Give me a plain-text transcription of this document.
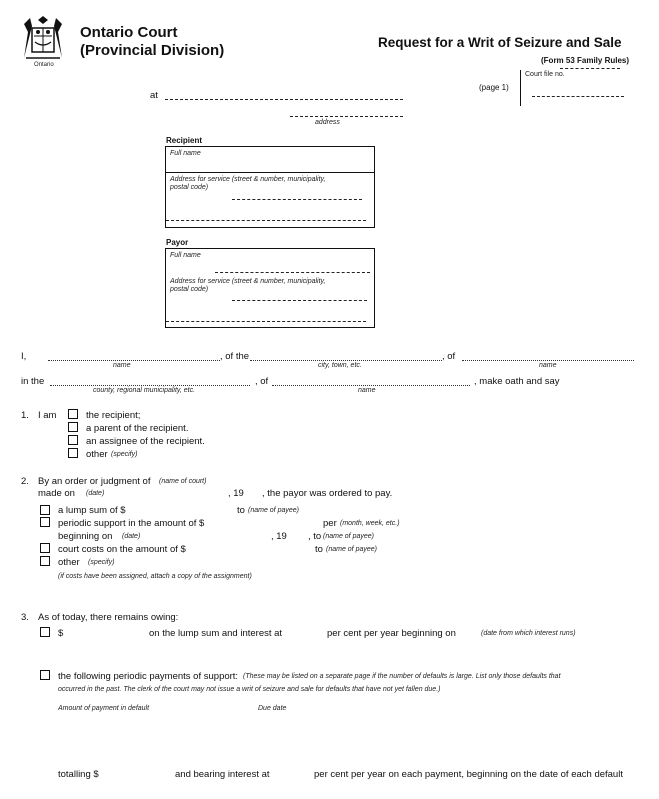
Ontario
Ontario Court
(Provincial Division)	Request for a Writ of Seizure and Sale
(Form 53 Family Rules)
Court file no.
(page 1)
at
address
Recipient
Full name
Address for service (street & number, municipality,
postal code)
Payor
Full name
Address for service (street & number, municipality,
postal code)
I,	, of the	, of
name	city, town, etc.	name
in the	, of	, make oath and say
county, regional municipality, etc.	name
1. I am	the recipient;
a parent of the recipient.
an assignee of the recipient.
other (specify)
2. By an order or judgment of (name of court)
made on (date)	, 19 , the payor was ordered to pay.
a lump sum of $	to (name of payee)
periodic support in the amount of $	per (month, week, etc.)
beginning on (date)	, 19 , to (name of payee)
court costs on the amount of $	to (name of payee)
other (specify)
(if costs have been assigned, attach a copy of the assignment)
3. As of today, there remains owing:
$	on the lump sum and interest at	per cent per year beginning on	(date from which interest runs)
the following periodic payments of support: (These may be listed on a separate page if the number of defaults is large. List only those defaults that
occurred in the past. The clerk of the court may not issue a writ of seizure and sale for defaults that have not yet fallen due.)
Amount of payment in default	Due date
totalling $	and bearing interest at	per cent per year on each payment, beginning on the date of each default
